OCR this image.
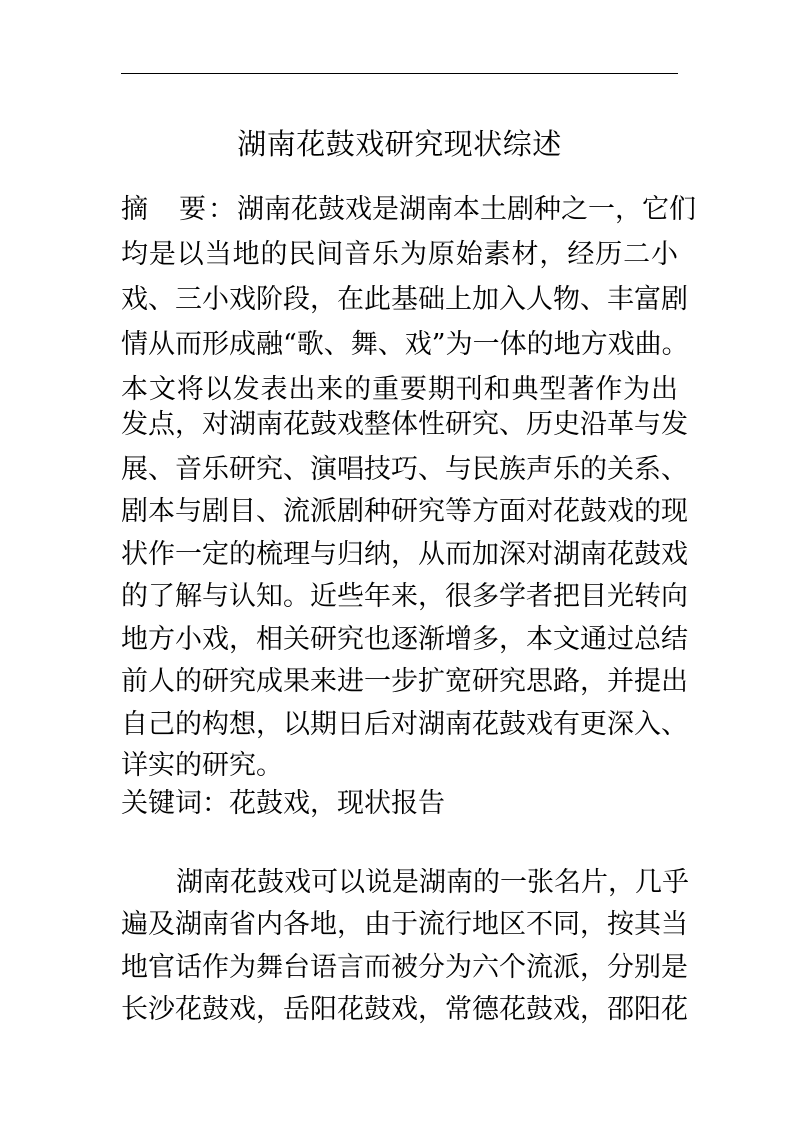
湖南花鼓戏研究现状综述
摘　要：湖南花鼓戏是湖南本土剧种之一，它们
均是以当地的民间音乐为原始素材，经历二小
戏、三小戏阶段，在此基础上加入人物、丰富剧
情从而形成融“歌、舞、戏”为一体的地方戏曲。
本文将以发表出来的重要期刊和典型著作为出
发点，对湖南花鼓戏整体性研究、历史沿革与发
展、音乐研究、演唱技巧、与民族声乐的关系、
剧本与剧目、流派剧种研究等方面对花鼓戏的现
状作一定的梳理与归纳，从而加深对湖南花鼓戏
的了解与认知。近些年来，很多学者把目光转向
地方小戏，相关研究也逐渐增多，本文通过总结
前人的研究成果来进一步扩宽研究思路，并提出
自己的构想，以期日后对湖南花鼓戏有更深入、
详实的研究。
关键词：花鼓戏，现状报告
湖南花鼓戏可以说是湖南的一张名片，几乎
遍及湖南省内各地，由于流行地区不同，按其当
地官话作为舞台语言而被分为六个流派，分别是
长沙花鼓戏，岳阳花鼓戏，常德花鼓戏，邵阳花
